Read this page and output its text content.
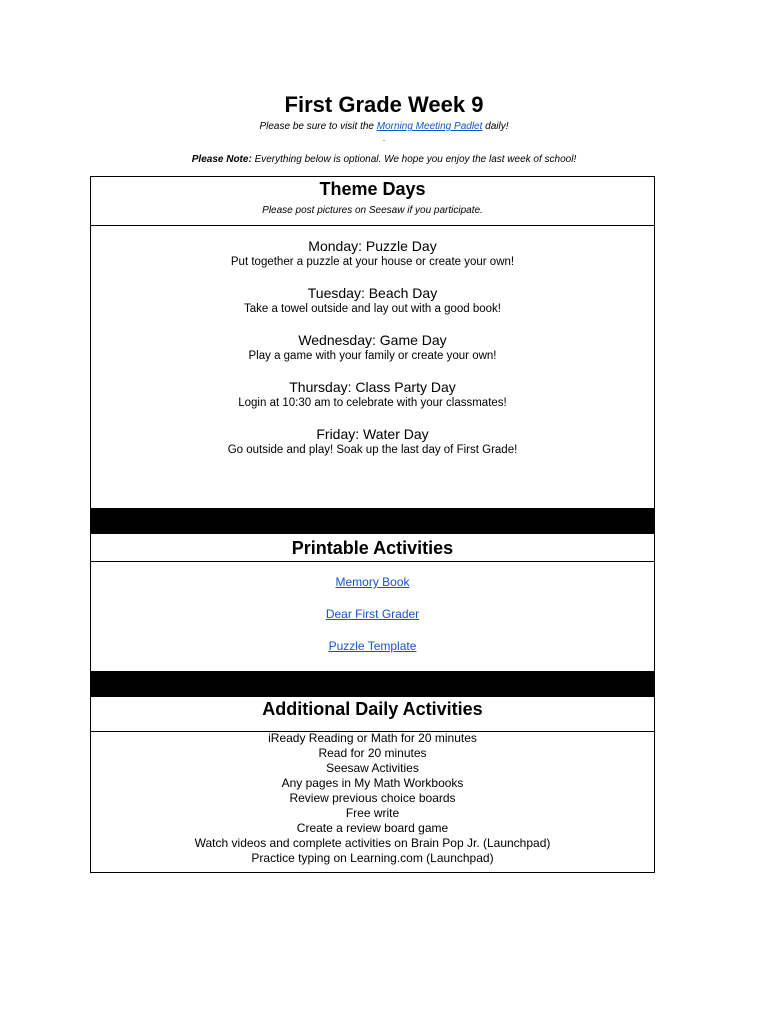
First Grade Week 9
Please be sure to visit the Morning Meeting Padlet daily!
.
Please Note: Everything below is optional. We hope you enjoy the last week of school!
Theme Days
Please post pictures on Seesaw if you participate.
Monday: Puzzle Day
Put together a puzzle at your house or create your own!
Tuesday: Beach Day
Take a towel outside and lay out with a good book!
Wednesday: Game Day
Play a game with your family or create your own!
Thursday: Class Party Day
Login at 10:30 am to celebrate with your classmates!
Friday: Water Day
Go outside and play! Soak up the last day of First Grade!
Printable Activities
Memory Book
Dear First Grader
Puzzle Template
Additional Daily Activities
iReady Reading or Math for 20 minutes
Read for 20 minutes
Seesaw Activities
Any pages in My Math Workbooks
Review previous choice boards
Free write
Create a review board game
Watch videos and complete activities on Brain Pop Jr. (Launchpad)
Practice typing on Learning.com (Launchpad)
